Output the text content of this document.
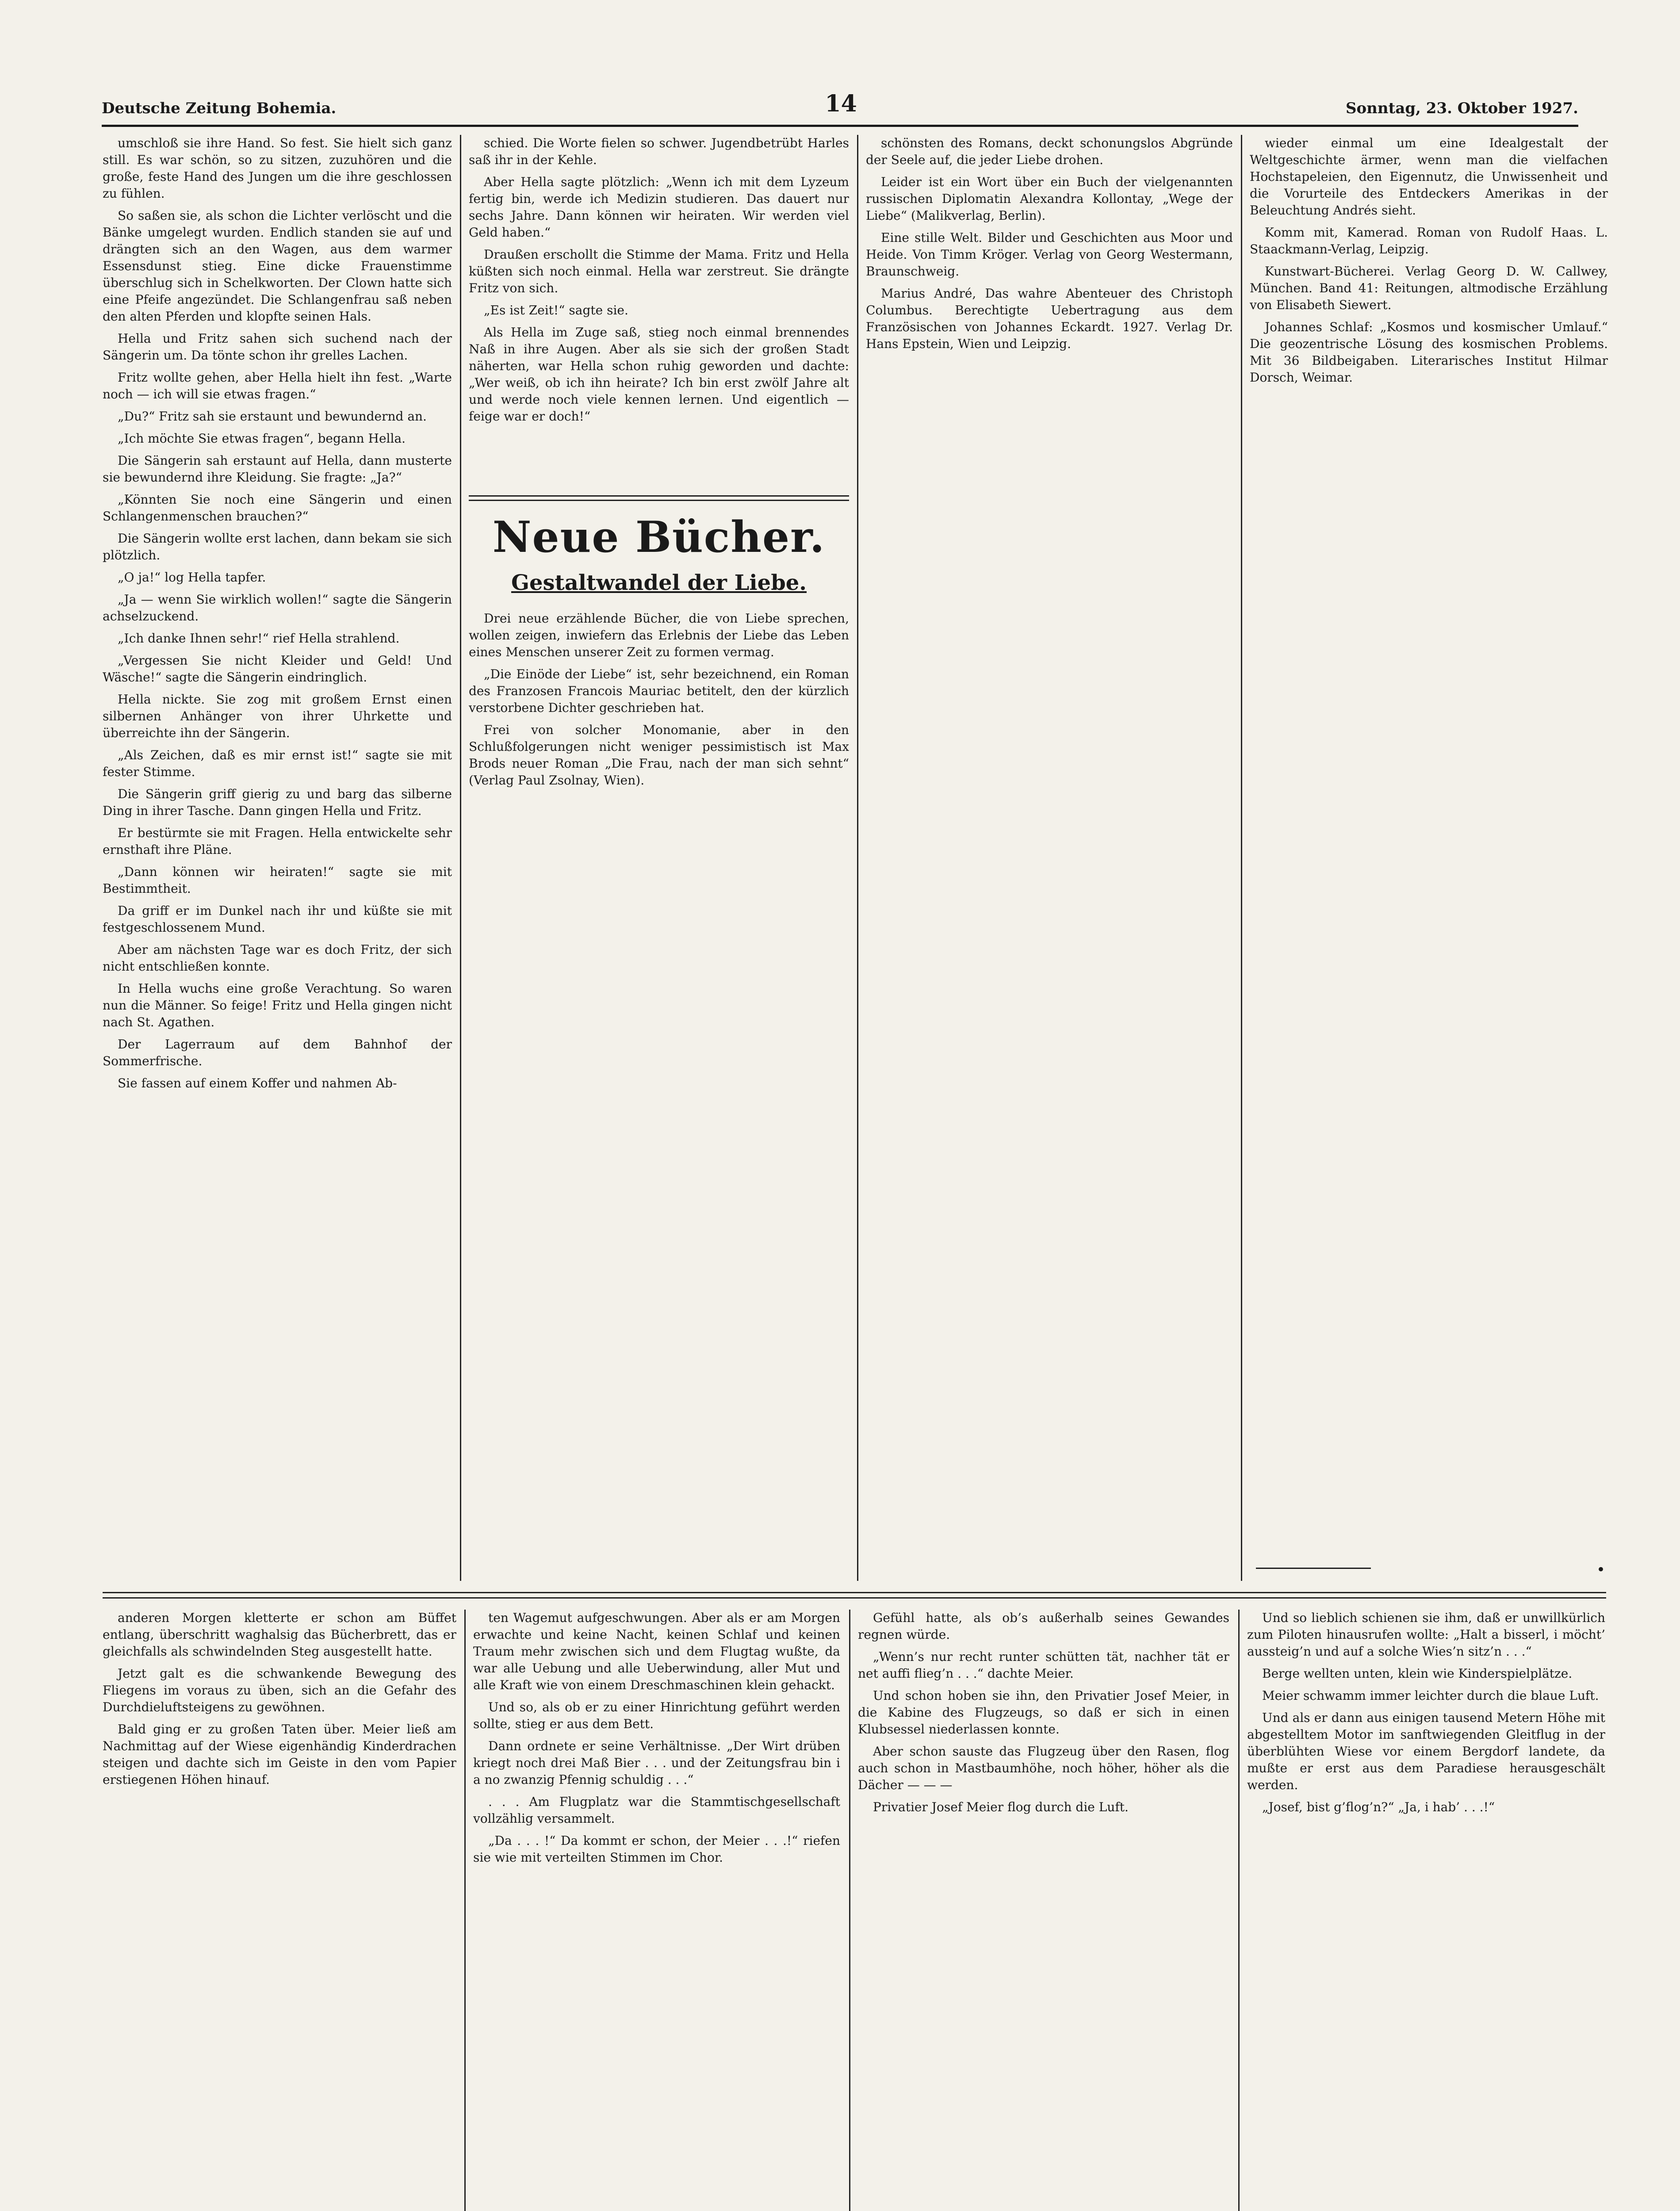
Deutsche Zeitung Bohemia.	14	Sonntag, 23. Oktober 1927.

umschloß sie ihre Hand. So fest. Sie hielt sich ganz still. Es war schön, so zu sitzen, zuzuhören und die große, feste Hand des Jungen um die ihre geschlossen zu fühlen.

So saßen sie, als schon die Lichter verlöscht und die Bänke umgelegt wurden. Endlich standen sie auf und drängten sich an den Wagen, aus dem warmer Essensdunst stieg. Eine dicke Frauenstimme überschlug sich in Schelkworten. Der Clown hatte sich eine Pfeife angezündet. Die Schlangenfrau saß neben den alten Pferden und klopfte seinen Hals.

Hella und Fritz sahen sich suchend nach der Sängerin um. Da tönte schon ihr grelles Lachen.

Fritz wollte gehen, aber Hella hielt ihn fest. „Warte noch — ich will sie etwas fragen.“

„Du?“ Fritz sah sie erstaunt und bewundernd an.

„Ich möchte Sie etwas fragen“, begann Hella.

Die Sängerin sah erstaunt auf Hella, dann musterte sie bewundernd ihre Kleidung. Sie fragte: „Ja?“

„Könnten Sie noch eine Sängerin und einen Schlangenmenschen brauchen?“

Die Sängerin wollte erst lachen, dann bekam sie sich plötzlich.

„O ja!“ log Hella tapfer.

„Ja — wenn Sie wirklich wollen!“ sagte die Sängerin achselzuckend.

„Ich danke Ihnen sehr!“ rief Hella strahlend.

„Vergessen Sie nicht Kleider und Geld! Und Wäsche!“ sagte die Sängerin eindringlich.

Hella nickte. Sie zog mit großem Ernst einen silbernen Anhänger von ihrer Uhrkette und überreichte ihn der Sängerin.

„Als Zeichen, daß es mir ernst ist!“ sagte sie mit fester Stimme.

Die Sängerin griff gierig zu und barg das silberne Ding in ihrer Tasche. Dann gingen Hella und Fritz.

Er bestürmte sie mit Fragen. Hella entwickelte sehr ernsthaft ihre Pläne.

„Dann können wir heiraten!“ sagte sie mit Bestimmtheit.

Da griff er im Dunkel nach ihr und küßte sie mit festgeschlossenem Mund.

Aber am nächsten Tage war es doch Fritz, der sich nicht entschließen konnte.

In Hella wuchs eine große Verachtung. So waren nun die Männer. So feige! Fritz und Hella gingen nicht nach St. Agathen.

Der Lagerraum auf dem Bahnhof der Sommerfrische.

Sie fassen auf einem Koffer und nahmen Ab-

schied. Die Worte fielen so schwer. Jugendbetrübt Harles saß ihr in der Kehle.

Aber Hella sagte plötzlich: „Wenn ich mit dem Lyzeum fertig bin, werde ich Medizin studieren. Das dauert nur sechs Jahre. Dann können wir heiraten. Wir werden viel Geld haben.“

Draußen erschollt die Stimme der Mama. Fritz und Hella küßten sich noch einmal. Hella war zerstreut. Sie drängte Fritz von sich.

„Es ist Zeit!“ sagte sie.

Als Hella im Zuge saß, stieg noch einmal brennendes Naß in ihre Augen. Aber als sie sich der großen Stadt näherten, war Hella schon ruhig geworden und dachte: „Wer weiß, ob ich ihn heirate? Ich bin erst zwölf Jahre alt und werde noch viele kennen lernen. Und eigentlich — feige war er doch!“

Neue Bücher.
Gestaltwandel der Liebe.

Drei neue erzählende Bücher, die von Liebe sprechen, wollen zeigen, inwiefern das Erlebnis der Liebe das Leben eines Menschen unserer Zeit zu formen vermag.

„Die Einöde der Liebe“ ist, sehr bezeichnend, ein Roman des Franzosen Francois Mauriac betitelt, den der kürzlich verstorbene Dichter geschrieben hat.

Frei von solcher Monomanie, aber in den Schlußfolgerungen nicht weniger pessimistisch ist Max Brods neuer Roman „Die Frau, nach der man sich sehnt“ (Verlag Paul Zsolnay, Wien).

schönsten des Romans, deckt schonungslos Abgründe der Seele auf, die jeder Liebe drohen.

Leider ist ein Wort über ein Buch der vielgenannten russischen Diplomatin Alexandra Kollontay, „Wege der Liebe“ (Malikverlag, Berlin).

Eine stille Welt. Bilder und Geschichten aus Moor und Heide. Von Timm Kröger. Verlag von Georg Westermann, Braunschweig.

Marius André, Das wahre Abenteuer des Christoph Columbus. Berechtigte Uebertragung aus dem Französischen von Johannes Eckardt. 1927. Verlag Dr. Hans Epstein, Wien und Leipzig.

wieder einmal um eine Idealgestalt der Weltgeschichte ärmer, wenn man die vielfachen Hochstapeleien, den Eigennutz, die Unwissenheit und die Vorurteile des Entdeckers Amerikas in der Beleuchtung Andrés sieht.

Komm mit, Kamerad. Roman von Rudolf Haas. L. Staackmann-Verlag, Leipzig.

Kunstwart-Bücherei. Verlag Georg D. W. Callwey, München. Band 41: Reitungen, altmodische Erzählung von Elisabeth Siewert.

Johannes Schlaf: „Kosmos und kosmischer Umlauf.“ Die geozentrische Lösung des kosmischen Problems. Mit 36 Bildbeigaben. Literarisches Institut Hilmar Dorsch, Weimar.

•

anderen Morgen kletterte er schon am Büffet entlang, überschritt waghalsig das Bücherbrett, das er gleichfalls als schwindelnden Steg ausgestellt hatte.

Jetzt galt es die schwankende Bewegung des Fliegens im voraus zu üben, sich an die Gefahr des Durchdieluftsteigens zu gewöhnen.

Bald ging er zu großen Taten über. Meier ließ am Nachmittag auf der Wiese eigenhändig Kinderdrachen steigen und dachte sich im Geiste in den vom Papier erstiegenen Höhen hinauf.

ten Wagemut aufgeschwungen. Aber als er am Morgen erwachte und keine Nacht, keinen Schlaf und keinen Traum mehr zwischen sich und dem Flugtag wußte, da war alle Uebung und alle Ueberwindung, aller Mut und alle Kraft wie von einem Dreschmaschinen klein gehackt.

Und so, als ob er zu einer Hinrichtung geführt werden sollte, stieg er aus dem Bett.

Dann ordnete er seine Verhältnisse. „Der Wirt drüben kriegt noch drei Maß Bier . . . und der Zeitungsfrau bin i a no zwanzig Pfennig schuldig . . .“

. . . Am Flugplatz war die Stammtischgesellschaft vollzählig versammelt.

„Da . . . !“ Da kommt er schon, der Meier . . .!“ riefen sie wie mit verteilten Stimmen im Chor.

Gefühl hatte, als ob’s außerhalb seines Gewandes regnen würde.

„Wenn’s nur recht runter schütten tät, nachher tät er net auffi flieg’n . . .“ dachte Meier.

Und schon hoben sie ihn, den Privatier Josef Meier, in die Kabine des Flugzeugs, so daß er sich in einen Klubsessel niederlassen konnte.

Aber schon sauste das Flugzeug über den Rasen, flog auch schon in Mastbaumhöhe, noch höher, höher als die Dächer — — —

Privatier Josef Meier flog durch die Luft.

Und so lieblich schienen sie ihm, daß er unwillkürlich zum Piloten hinausrufen wollte: „Halt a bisserl, i möcht’ aussteig’n und auf a solche Wies’n sitz’n . . .“

Berge wellten unten, klein wie Kinderspielplätze.

Meier schwamm immer leichter durch die blaue Luft.

Und als er dann aus einigen tausend Metern Höhe mit abgestelltem Motor im sanftwiegenden Gleitflug in der überblühten Wiese vor einem Bergdorf landete, da mußte er erst aus dem Paradiese herausgeschält werden.

„Josef, bist g’flog’n?“ „Ja, i hab’ . . .!“
